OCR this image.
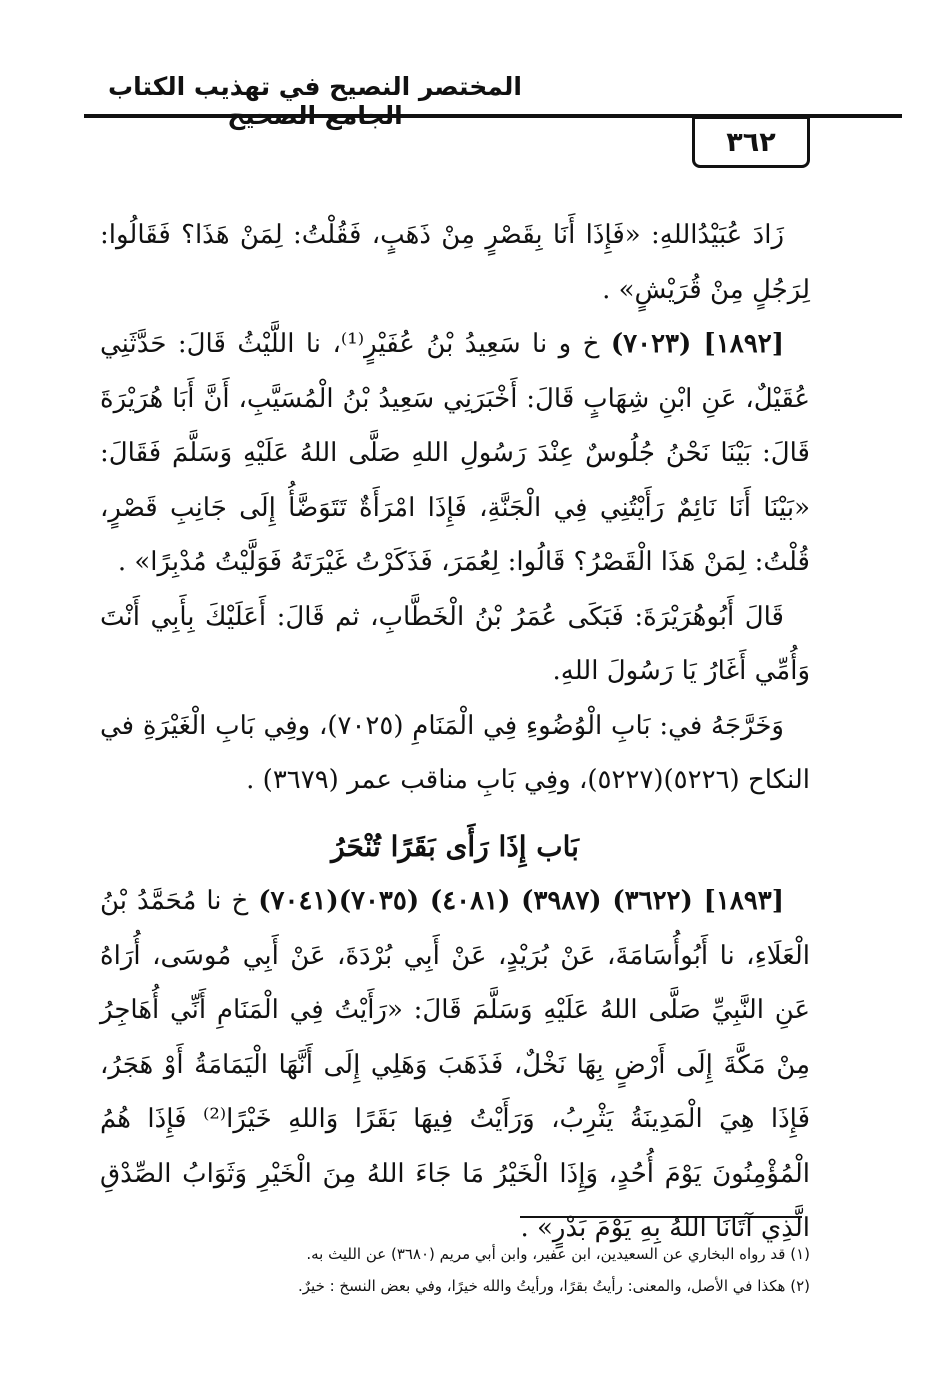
المختصر النصيح في تهذيب الكتاب الجامع الصحيح
٣٦٢

زَادَ عُبَيْدُاللهِ: «فَإِذَا أَنَا بِقَصْرٍ مِنْ ذَهَبٍ، فَقُلْتُ: لِمَنْ هَذَا؟ فَقَالُوا: لِرَجُلٍ مِنْ قُرَيْشٍ» .

[١٨٩٢] (٧٠٢٣) خ و نا سَعِيدُ بْنُ عُفَيْرٍ⁽¹⁾، نا اللَّيْثُ قَالَ: حَدَّثَنِي عُقَيْلٌ، عَنِ ابْنِ شِهَابٍ قَالَ: أَخْبَرَنِي سَعِيدُ بْنُ الْمُسَيَّبِ، أَنَّ أَبَا هُرَيْرَةَ قَالَ: بَيْنَا نَحْنُ جُلُوسٌ عِنْدَ رَسُولِ اللهِ صَلَّى اللهُ عَلَيْهِ وَسَلَّمَ فَقَالَ: «بَيْنَا أَنَا نَائِمٌ رَأَيْتُنِي فِي الْجَنَّةِ، فَإِذَا امْرَأَةٌ تَتَوَضَّأُ إِلَى جَانِبِ قَصْرٍ، قُلْتُ: لِمَنْ هَذَا الْقَصْرُ؟ قَالُوا: لِعُمَرَ، فَذَكَرْتُ غَيْرَتَهُ فَوَلَّيْتُ مُدْبِرًا» .

قَالَ أَبُوهُرَيْرَةَ: فَبَكَى عُمَرُ بْنُ الْخَطَّابِ، ثم قَالَ: أَعَلَيْكَ بِأَبِي أَنْتَ وَأُمِّي أَغَارُ يَا رَسُولَ اللهِ.

وَخَرَّجَهُ في: بَابِ الْوُضُوءِ فِي الْمَنَامِ (٧٠٢٥)، وفِي بَابِ الْغَيْرَةِ في النكاح (٥٢٢٦)(٥٢٢٧)، وفِي بَابِ مناقب عمر (٣٦٧٩) .

بَاب إِذَا رَأَى بَقَرًا تُنْحَرُ

[١٨٩٣] (٣٦٢٢) (٣٩٨٧) (٤٠٨١) (٧٠٣٥)(٧٠٤١) خ نا مُحَمَّدُ بْنُ الْعَلَاءِ، نا أَبُوأُسَامَةَ، عَنْ بُرَيْدٍ، عَنْ أَبِي بُرْدَةَ، عَنْ أَبِي مُوسَى، أُرَاهُ عَنِ النَّبِيِّ صَلَّى اللهُ عَلَيْهِ وَسَلَّمَ قَالَ: «رَأَيْتُ فِي الْمَنَامِ أَنِّي أُهَاجِرُ مِنْ مَكَّةَ إِلَى أَرْضٍ بِهَا نَخْلٌ، فَذَهَبَ وَهَلِي إِلَى أَنَّهَا الْيَمَامَةُ أَوْ هَجَرُ، فَإِذَا هِيَ الْمَدِينَةُ يَثْرِبُ، وَرَأَيْتُ فِيهَا بَقَرًا وَاللهِ خَيْرًا⁽²⁾ فَإِذَا هُمُ الْمُؤْمِنُونَ يَوْمَ أُحُدٍ، وَإِذَا الْخَيْرُ مَا جَاءَ اللهُ مِنَ الْخَيْرِ وَثَوَابُ الصِّدْقِ الَّذِي آتَانَا اللهُ بِهِ يَوْمَ بَدْرٍ» .

(١) قد رواه البخاري عن السعيدين، ابن عفير، وابن أبي مريم (٣٦٨٠) عن الليث به.

(٢) هكذا في الأصل، والمعنى: رأيتُ بقرًا، ورأيتُ والله خيرًا، وفي بعض النسخ : خيرٌ.
